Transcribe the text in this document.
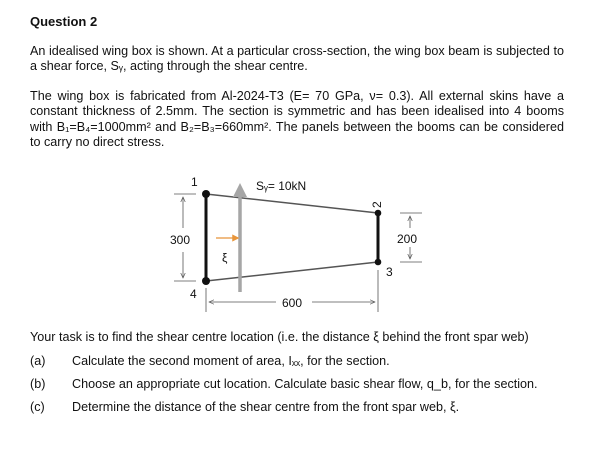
Question 2
An idealised wing box is shown. At a particular cross-section, the wing box beam is subjected to a shear force, Sᵧ, acting through the shear centre.
The wing box is fabricated from Al-2024-T3 (E= 70 GPa, ν= 0.3). All external skins have a constant thickness of 2.5mm. The section is symmetric and has been idealised into 4 booms with B₁=B₄=1000mm² and B₂=B₃=660mm². The panels between the booms can be considered to carry no direct stress.
Sᵧ= 10kN
ξ
300	200
600
1
2
3
4
Your task is to find the shear centre location (i.e. the distance ξ behind the front spar web)
(a) Calculate the second moment of area, Iₓₓ, for the section.
(b) Choose an appropriate cut location. Calculate basic shear flow, q_b, for the section.
(c) Determine the distance of the shear centre from the front spar web, ξ.
